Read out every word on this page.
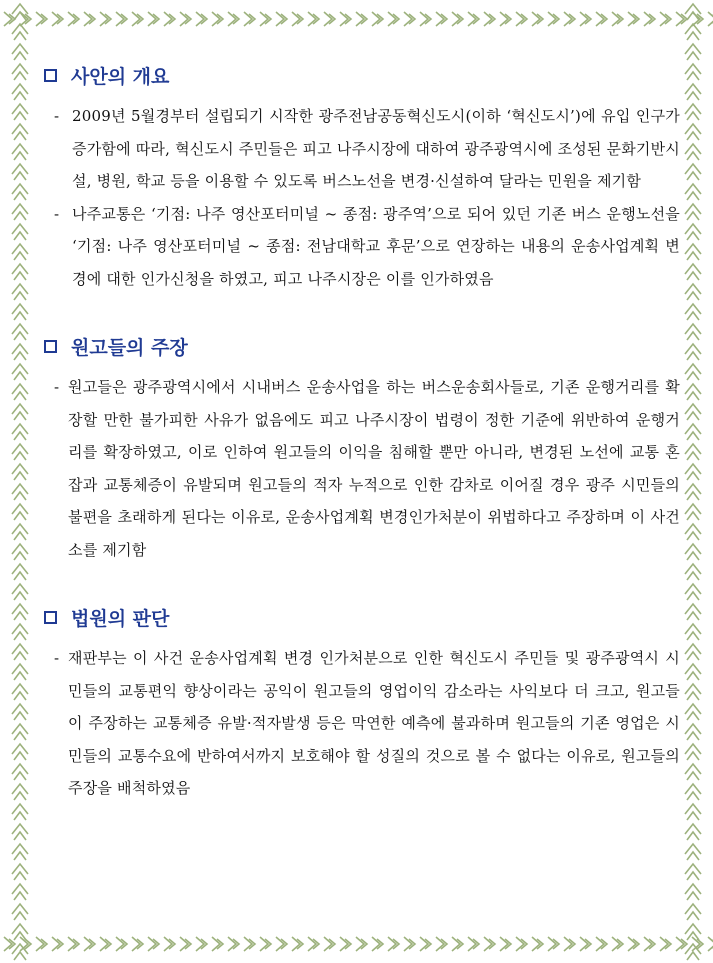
사안의 개요
- 2009년 5월경부터 설립되기 시작한 광주전남공동혁신도시(이하 ‘혁신도시’)에 유입 인구가 증가함에 따라, 혁신도시 주민들은 피고 나주시장에 대하여 광주광역시에 조성된 문화기반시설, 병원, 학교 등을 이용할 수 있도록 버스노선을 변경·신설하여 달라는 민원을 제기함
- 나주교통은 ‘기점: 나주 영산포터미널 ~ 종점: 광주역’으로 되어 있던 기존 버스 운행노선을 ‘기점: 나주 영산포터미널 ~ 종점: 전남대학교 후문’으로 연장하는 내용의 운송사업계획 변경에 대한 인가신청을 하였고, 피고 나주시장은 이를 인가하였음
원고들의 주장
- 원고들은 광주광역시에서 시내버스 운송사업을 하는 버스운송회사들로, 기존 운행거리를 확장할 만한 불가피한 사유가 없음에도 피고 나주시장이 법령이 정한 기준에 위반하여 운행거리를 확장하였고, 이로 인하여 원고들의 이익을 침해할 뿐만 아니라, 변경된 노선에 교통 혼잡과 교통체증이 유발되며 원고들의 적자 누적으로 인한 감차로 이어질 경우 광주 시민들의 불편을 초래하게 된다는 이유로, 운송사업계획 변경인가처분이 위법하다고 주장하며 이 사건 소를 제기함
법원의 판단
- 재판부는 이 사건 운송사업계획 변경 인가처분으로 인한 혁신도시 주민들 및 광주광역시 시민들의 교통편익 향상이라는 공익이 원고들의 영업이익 감소라는 사익보다 더 크고, 원고들이 주장하는 교통체증 유발·적자발생 등은 막연한 예측에 불과하며 원고들의 기존 영업은 시민들의 교통수요에 반하여서까지 보호해야 할 성질의 것으로 볼 수 없다는 이유로, 원고들의 주장을 배척하였음
